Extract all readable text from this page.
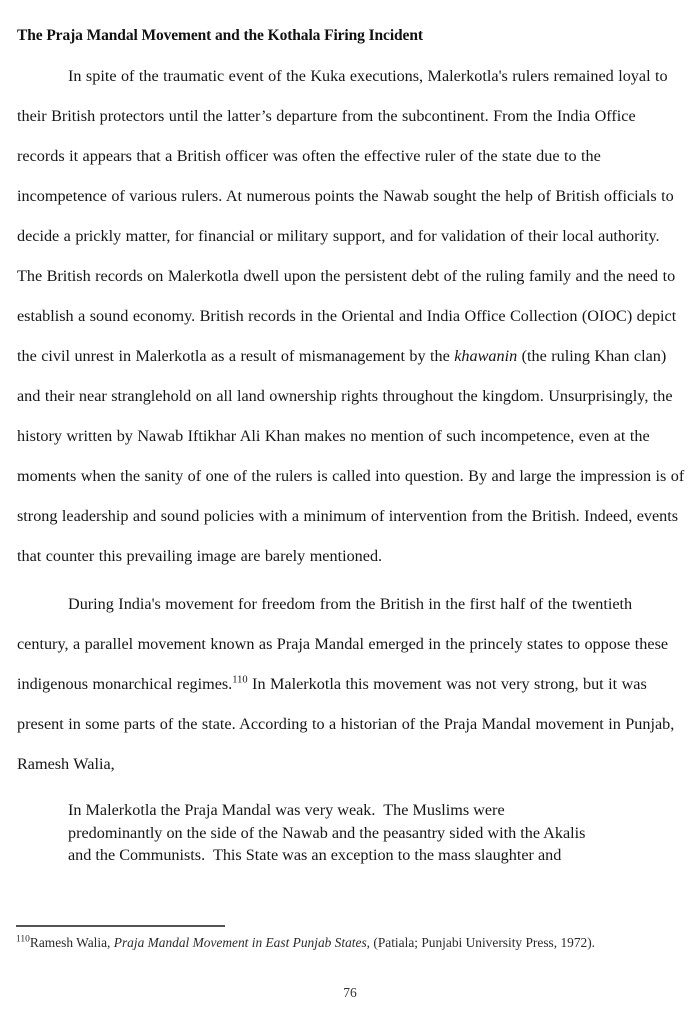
The Praja Mandal Movement and the Kothala Firing Incident

In spite of the traumatic event of the Kuka executions, Malerkotla's rulers remained loyal to their British protectors until the latter’s departure from the subcontinent. From the India Office records it appears that a British officer was often the effective ruler of the state due to the incompetence of various rulers. At numerous points the Nawab sought the help of British officials to decide a prickly matter, for financial or military support, and for validation of their local authority. The British records on Malerkotla dwell upon the persistent debt of the ruling family and the need to establish a sound economy. British records in the Oriental and India Office Collection (OIOC) depict the civil unrest in Malerkotla as a result of mismanagement by the khawanin (the ruling Khan clan) and their near stranglehold on all land ownership rights throughout the kingdom. Unsurprisingly, the history written by Nawab Iftikhar Ali Khan makes no mention of such incompetence, even at the moments when the sanity of one of the rulers is called into question. By and large the impression is of strong leadership and sound policies with a minimum of intervention from the British. Indeed, events that counter this prevailing image are barely mentioned.

During India's movement for freedom from the British in the first half of the twentieth century, a parallel movement known as Praja Mandal emerged in the princely states to oppose these indigenous monarchical regimes.$^{110}$ In Malerkotla this movement was not very strong, but it was present in some parts of the state. According to a historian of the Praja Mandal movement in Punjab, Ramesh Walia,

In Malerkotla the Praja Mandal was very weak.  The Muslims were
predominantly on the side of the Nawab and the peasantry sided with the Akalis
and the Communists.  This State was an exception to the mass slaughter and

$^{110}$Ramesh Walia, Praja Mandal Movement in East Punjab States, (Patiala; Punjabi University Press, 1972).

76
